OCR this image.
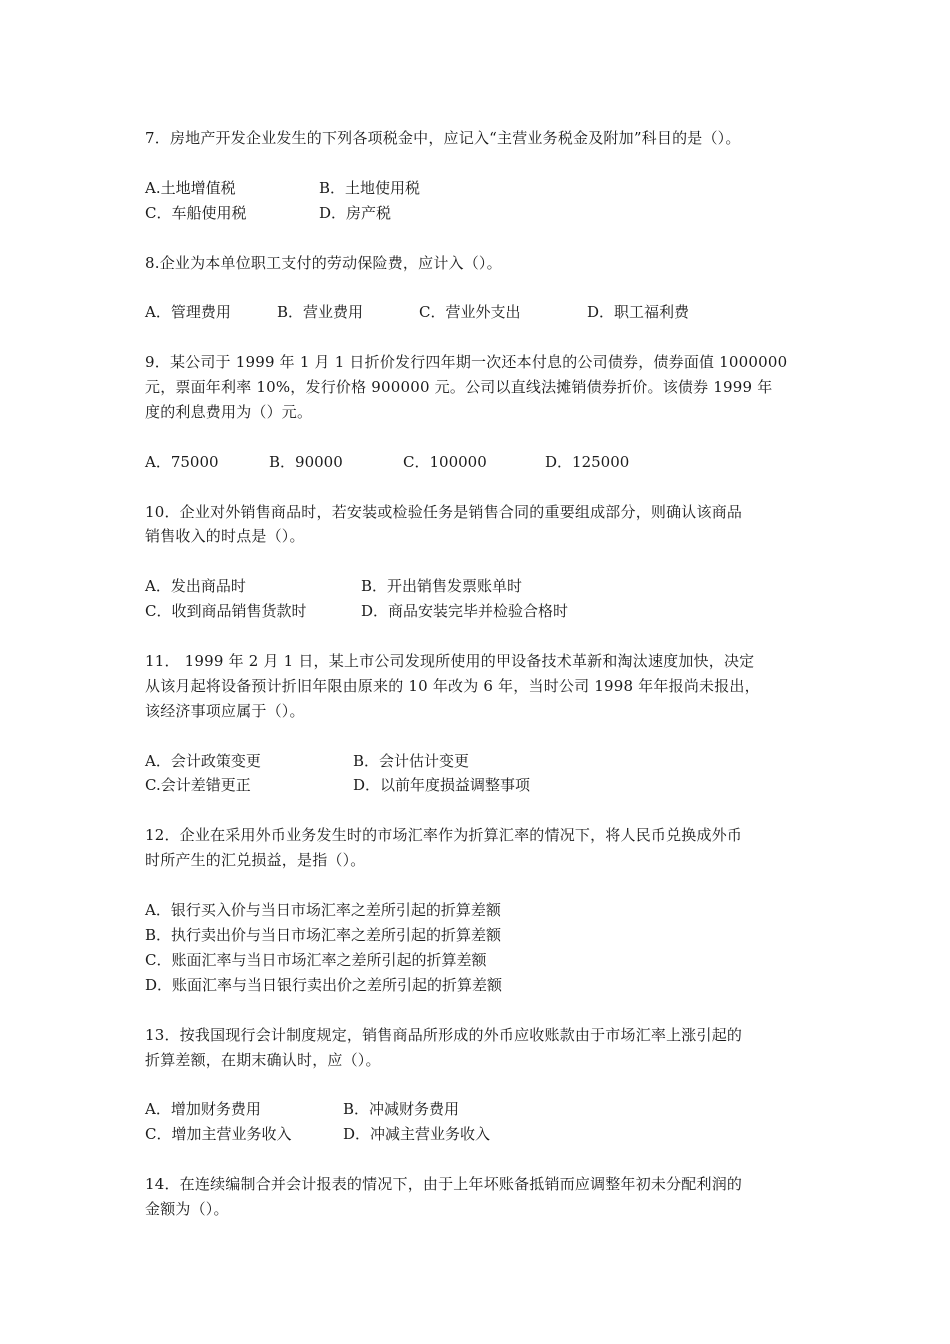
7．房地产开发企业发生的下列各项税金中，应记入“主营业务税金及附加”科目的是（）。
A.土地增值税	B．土地使用税
C．车船使用税	D．房产税
8.企业为本单位职工支付的劳动保险费，应计入（）。
A．管理费用	B．营业费用	C．营业外支出	D．职工福利费
9．某公司于 1999 年 1 月 1 日折价发行四年期一次还本付息的公司债券，债券面值 1000000
元，票面年利率 10%，发行价格 900000 元。公司以直线法摊销债券折价。该债券 1999 年
度的利息费用为（）元。
A．75000	B．90000	C．100000	D．125000
10．企业对外销售商品时，若安装或检验任务是销售合同的重要组成部分，则确认该商品
销售收入的时点是（）。
A．发出商品时	B．开出销售发票账单时
C．收到商品销售货款时	D．商品安装完毕并检验合格时
11． 1999 年 2 月 1 日，某上市公司发现所使用的甲设备技术革新和淘汰速度加快，决定
从该月起将设备预计折旧年限由原来的 10 年改为 6 年，当时公司 1998 年年报尚未报出，
该经济事项应属于（）。
A．会计政策变更	B．会计估计变更
C.会计差错更正	D．以前年度损益调整事项
12．企业在采用外币业务发生时的市场汇率作为折算汇率的情况下，将人民币兑换成外币
时所产生的汇兑损益，是指（）。
A．银行买入价与当日市场汇率之差所引起的折算差额
B．执行卖出价与当日市场汇率之差所引起的折算差额
C．账面汇率与当日市场汇率之差所引起的折算差额
D．账面汇率与当日银行卖出价之差所引起的折算差额
13．按我国现行会计制度规定，销售商品所形成的外币应收账款由于市场汇率上涨引起的
折算差额，在期末确认时，应（）。
A．增加财务费用	B．冲减财务费用
C．增加主营业务收入	D．冲减主营业务收入
14．在连续编制合并会计报表的情况下，由于上年坏账备抵销而应调整年初未分配利润的
金额为（）。
